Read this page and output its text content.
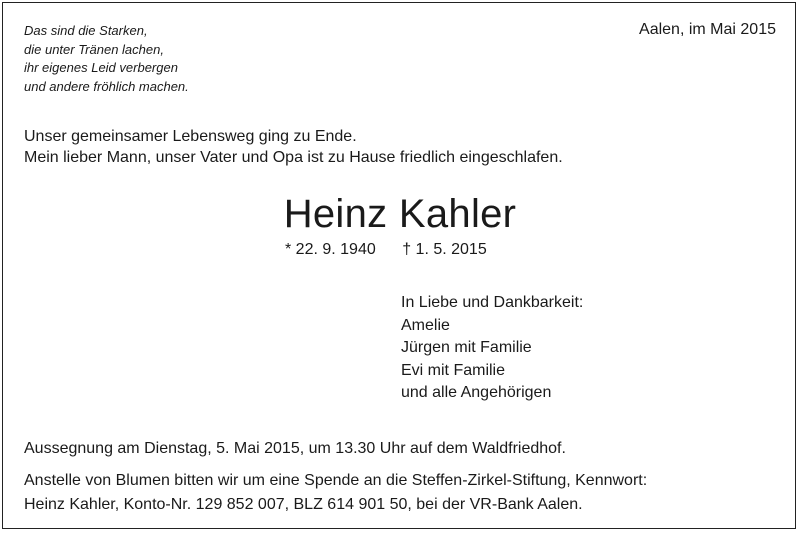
Das sind die Starken,
die unter Tränen lachen,
ihr eigenes Leid verbergen
und andere fröhlich machen.
Aalen, im Mai 2015
Unser gemeinsamer Lebensweg ging zu Ende.
Mein lieber Mann, unser Vater und Opa ist zu Hause friedlich eingeschlafen.
Heinz Kahler
* 22. 9. 1940 † 1. 5. 2015
In Liebe und Dankbarkeit:
Amelie
Jürgen mit Familie
Evi mit Familie
und alle Angehörigen
Aussegnung am Dienstag, 5. Mai 2015, um 13.30 Uhr auf dem Waldfriedhof.
Anstelle von Blumen bitten wir um eine Spende an die Steffen-Zirkel-Stiftung, Kennwort:
Heinz Kahler, Konto-Nr. 129 852 007, BLZ 614 901 50, bei der VR-Bank Aalen.
